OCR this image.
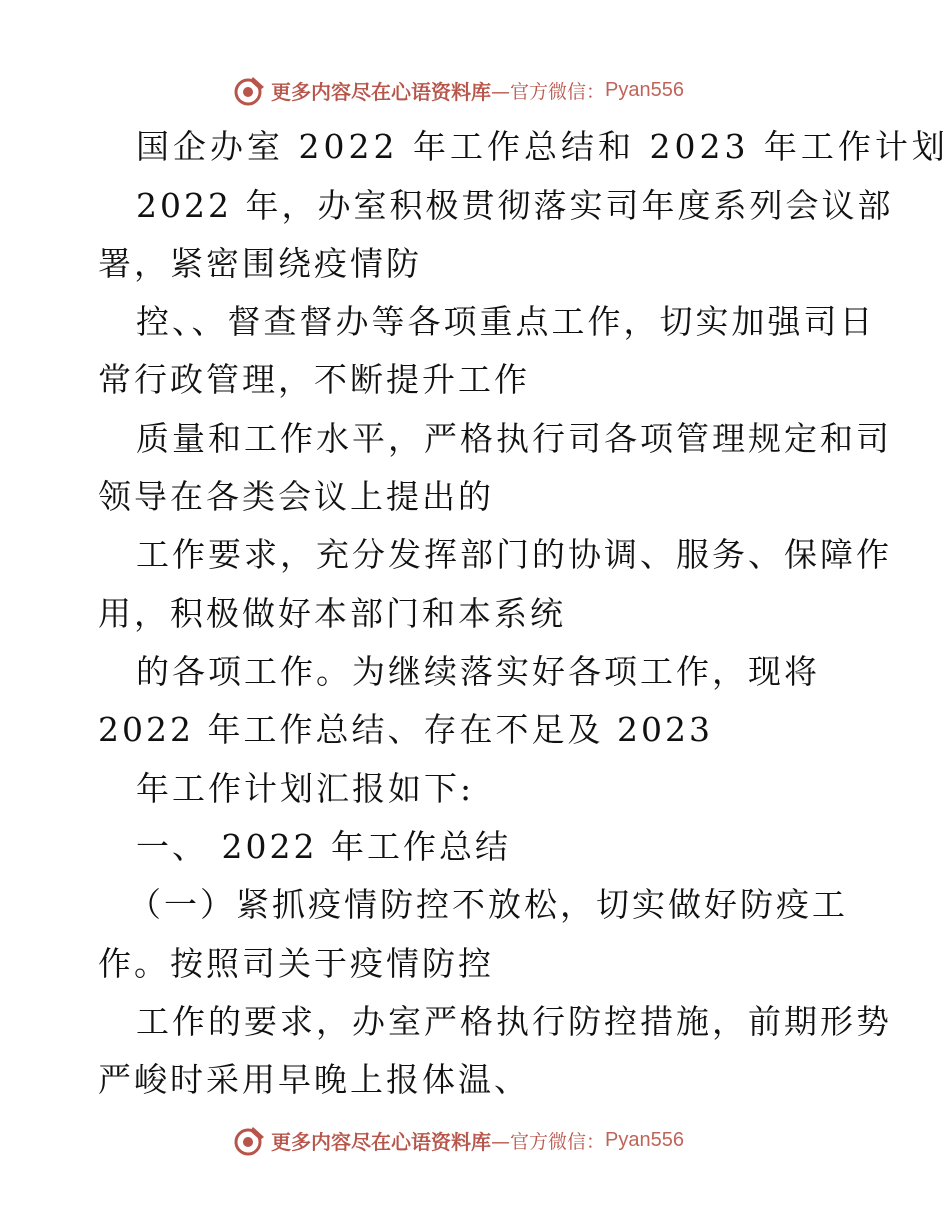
更多内容尽在心语资料库 —官方微信： Pyan556
国企办室 2022 年工作总结和 2023 年工作计划
2022 年，办室积极贯彻落实司年度系列会议部
署，紧密围绕疫情防
控、、督查督办等各项重点工作，切实加强司日
常行政管理，不断提升工作
质量和工作水平，严格执行司各项管理规定和司
领导在各类会议上提出的
工作要求，充分发挥部门的协调、服务、保障作
用，积极做好本部门和本系统
的各项工作。为继续落实好各项工作，现将
2022 年工作总结、存在不足及 2023
年工作计划汇报如下:
一、 2022 年工作总结
（一）紧抓疫情防控不放松，切实做好防疫工
作。按照司关于疫情防控
工作的要求，办室严格执行防控措施，前期形势
严峻时采用早晚上报体温、
更多内容尽在心语资料库 —官方微信： Pyan556
